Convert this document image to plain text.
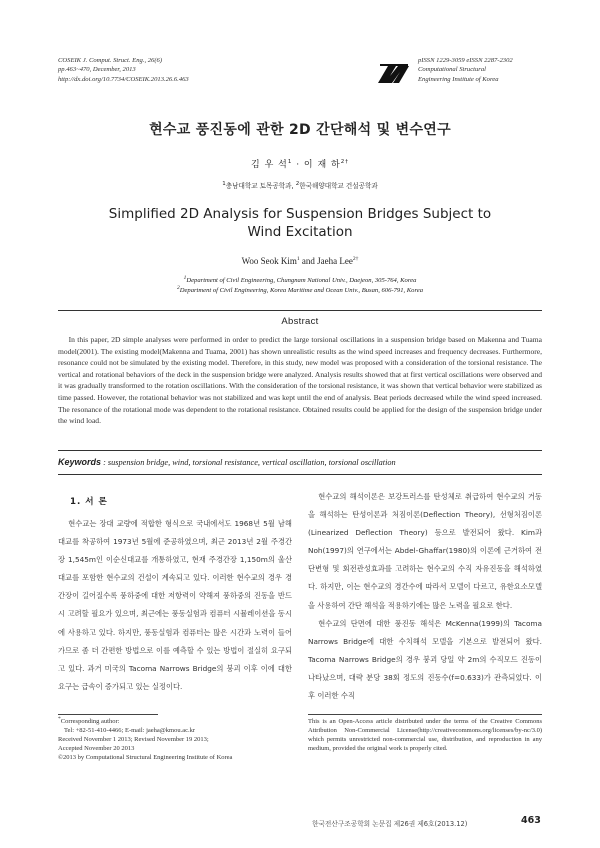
COSEIK J. Comput. Struct. Eng., 26(6)
pp.463~470, December, 2013
http://dx.doi.org/10.7734/COSEIK.2013.26.6.463
pISSN 1229-3059 eISSN 2287-2302
Computational Structural
Engineering Institute of Korea
현수교 풍진동에 관한 2D 간단해석 및 변수연구
김 우 석$^1$ · 이 재 하$^{2\dagger}$
$^1$충남대학교 토목공학과, $^2$한국해양대학교 건설공학과
Simplified 2D Analysis for Suspension Bridges Subject to
Wind Excitation
Woo Seok Kim$^1$ and Jaeha Lee$^{2\dagger}$
$^1$Department of Civil Engineering, Chungnam National Univ., Daejeon, 305-764, Korea
$^2$Department of Civil Engineering, Korea Maritime and Ocean Univ., Busan, 606-791, Korea
Abstract
In this paper, 2D simple analyses were performed in order to predict the large torsional oscillations in a suspension bridge based on Makenna and Tuama model(2001). The existing model(Makenna and Tuama, 2001) has shown unrealistic results as the wind speed increases and frequency decreases. Furthermore, resonance could not be simulated by the existing model. Therefore, in this study, new model was proposed with a consideration of the torsional resistance. The vertical and rotational behaviors of the deck in the suspension bridge were analyzed. Analysis results showed that at first vertical oscillations were observed and it was gradually transformed to the rotation oscillations. With the consideration of the torsional resistance, it was shown that vertical behavior were stabilized as time passed. However, the rotational behavior was not stabilized and was kept until the end of analysis. Beat periods decreased while the wind speed increased. The resonance of the rotational mode was dependent to the rotational resistance. Obtained results could be applied for the design of the suspension bridge under the wind load.
Keywords : suspension bridge, wind, torsional resistance, vertical oscillation, torsional oscillation
1. 서 론

현수교는 장대 교량에 적합한 형식으로 국내에서도 1968년 5월 남해대교를 착공하여 1973년 5월에 준공하였으며, 최근 2013년 2월 주경간장 1,545m인 이순신대교를 개통하였고, 현재 주경간장 1,150m의 울산대교를 포함한 현수교의 건설이 계속되고 있다. 이러한 현수교의 경우 경간장이 길어질수록 풍하중에 대한 저항력이 약해져 풍하중의 진동을 반드시 고려할 필요가 있으며, 최근에는 풍동실험과 컴퓨터 시뮬레이션을 동시에 사용하고 있다. 하지만, 풍동실험과 컴퓨터는 많은 시간과 노력이 들어가므로 좀 더 간편한 방법으로 이를 예측할 수 있는 방법이 절실히 요구되고 있다. 과거 미국의 Tacoma Narrows Bridge의 붕괴 이후 이에 대한 요구는 급속이 증가되고 있는 실정이다.

현수교의 해석이론은 보강트러스를 탄성체로 취급하여 현수교의 거동을 해석하는 탄성이론과 처짐이론(Deflection Theory), 선형처짐이론(Linearized Deflection Theory) 등으로 발전되어 왔다. Kim과 Noh(1997)의 연구에서는 Abdel-Ghaffar(1980)의 이론에 근거하여 전단변형 및 회전관성효과를 고려하는 현수교의 수직 자유진동을 해석하였다. 하지만, 이는 현수교의 경간수에 따라서 모델이 다르고, 유한요소모델을 사용하여 간단 해석을 적용하기에는 많은 노력을 필요로 한다.

현수교의 단면에 대한 풍진동 해석은 McKenna(1999)의 Tacoma Narrows Bridge에 대한 수치해석 모델을 기본으로 발전되어 왔다. Tacoma Narrows Bridge의 경우 붕괴 당일 약 2m의 수직모드 진동이 나타났으며, 대략 분당 38회 정도의 진동수(f=0.633)가 관측되었다. 이후 이러한 수직

*Corresponding author:
Tel: +82-51-410-4466; E-mail: jaeha@kmou.ac.kr
Received November 1 2013; Revised November 19 2013;
Accepted November 20 2013
©2013 by Computational Structural Engineering Institute of Korea
This is an Open-Access article distributed under the terms of the Creative Commons Attribution Non-Commercial License(http://creativecommons.org/licenses/by-nc/3.0) which permits unrestricted non-commercial use, distribution, and reproduction in any medium, provided the original work is properly cited.
한국전산구조공학회 논문집 제26권 제6호(2013.12)	463
